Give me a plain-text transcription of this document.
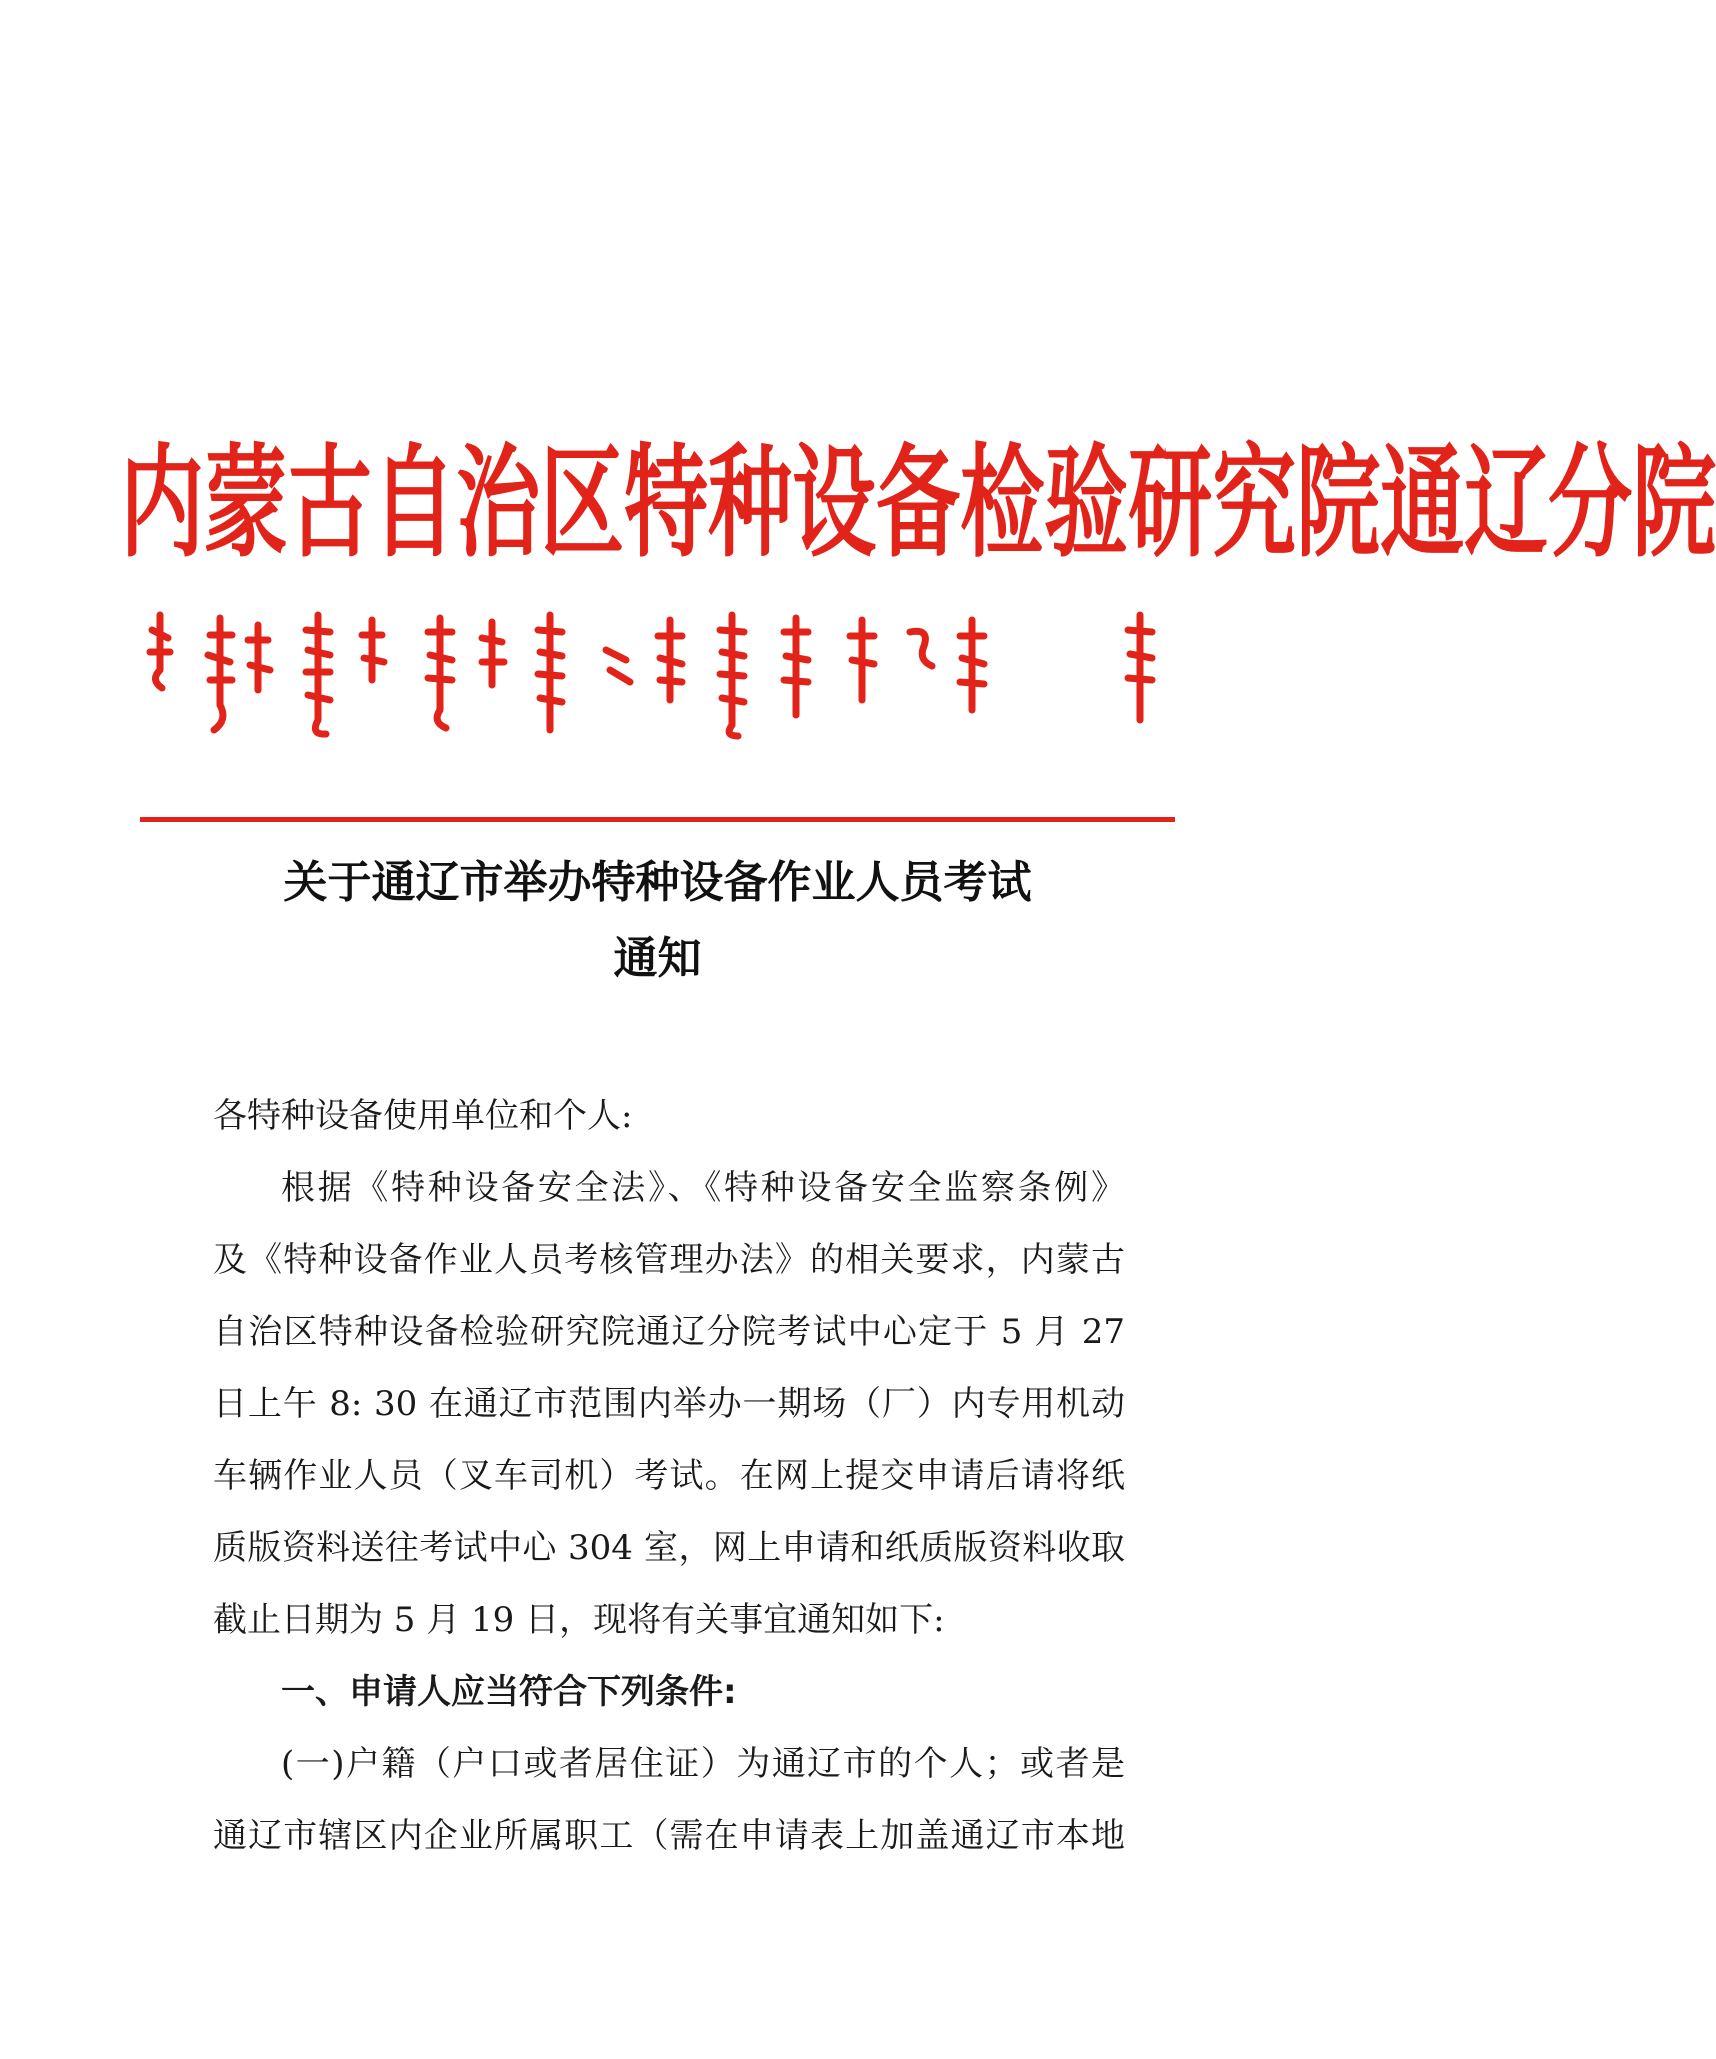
内 蒙 古 自 治 区 特 种 设 备 检 验 研 究 院 通 辽 分 院
关于通辽市举办特种设备作业人员考试
通知

各特种设备使用单位和个人:

根据《特种设备安全法》、《特种设备安全监察条例》

及《特种设备作业人员考核管理办法》的相关要求，内蒙古

自治区特种设备检验研究院通辽分院考试中心定于 5 月 27

日上午 8: 30 在通辽市范围内举办一期场（厂）内专用机动

车辆作业人员（叉车司机）考试。在网上提交申请后请将纸

质版资料送往考试中心 304 室，网上申请和纸质版资料收取

截止日期为 5 月 19 日，现将有关事宜通知如下:

一、申请人应当符合下列条件:

(一)户籍（户口或者居住证）为通辽市的个人；或者是

通辽市辖区内企业所属职工（需在申请表上加盖通辽市本地
